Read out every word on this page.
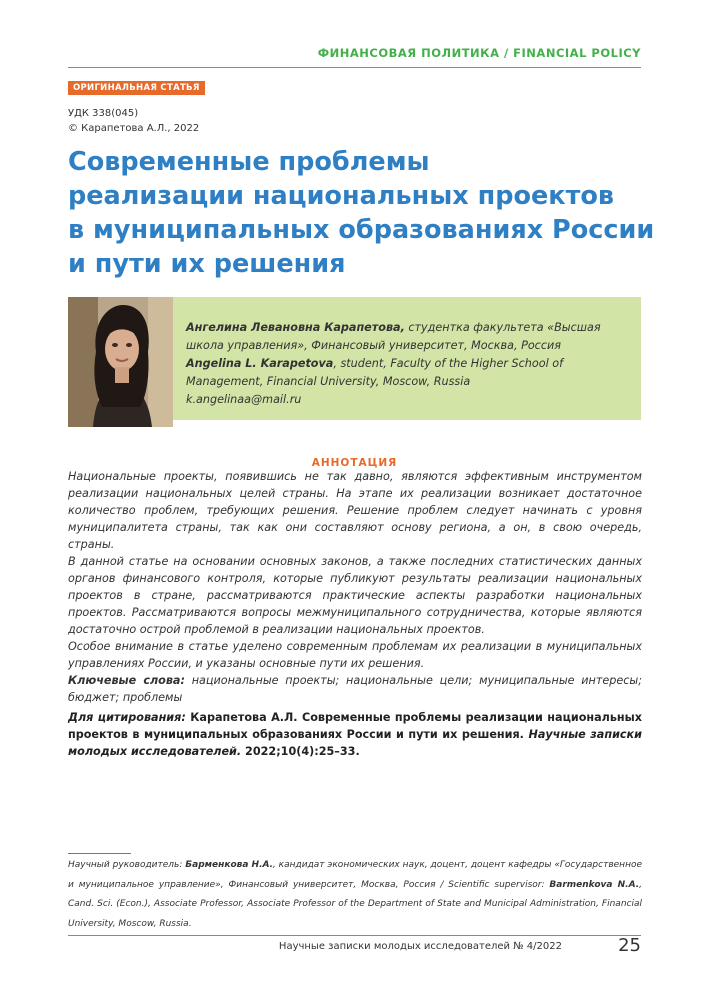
ФИНАНСОВАЯ ПОЛИТИКА / FINANCIAL POLICY
ОРИГИНАЛЬНАЯ СТАТЬЯ
УДК 338(045)
© Карапетова А.Л., 2022
Современные проблемы
реализации национальных проектов
в муниципальных образованиях России
и пути их решения
Ангелина Левановна Карапетова, студентка факультета «Высшая школа управления», Финансовый университет, Москва, Россия
Angelina L. Karapetova, student, Faculty of the Higher School of Management, Financial University, Moscow, Russia
k.angelinaa@mail.ru
АННОТАЦИЯ

Национальные проекты, появившись не так давно, являются эффективным инструментом реализации национальных целей страны. На этапе их реализации возникает достаточное количество проблем, требующих решения. Решение проблем следует начинать с уровня муниципалитета страны, так как они составляют основу региона, а он, в свою очередь, страны.

В данной статье на основании основных законов, а также последних статистических данных органов финансового контроля, которые публикуют результаты реализации национальных проектов в стране, рассматриваются практические аспекты разработки национальных проектов. Рассматриваются вопросы межмуниципального сотрудничества, которые являются достаточно острой проблемой в реализации национальных проектов.

Особое внимание в статье уделено современным проблемам их реализации в муниципальных управлениях России, и указаны основные пути их решения.

Ключевые слова: национальные проекты; национальные цели; муниципальные интересы; бюджет; проблемы

Для цитирования: Карапетова А.Л. Современные проблемы реализации национальных проектов в муниципальных образованиях России и пути их решения. Научные записки молодых исследователей. 2022;10(4):25–33.
Научный руководитель: Барменкова Н.А., кандидат экономических наук, доцент, доцент кафедры «Государственное и муниципальное управление», Финансовый университет, Москва, Россия / Scientific supervisor: Barmenkova N.A., Cand. Sci. (Econ.), Associate Professor, Associate Professor of the Department of State and Municipal Administration, Financial University, Moscow, Russia.
Научные записки молодых исследователей № 4/2022	25
